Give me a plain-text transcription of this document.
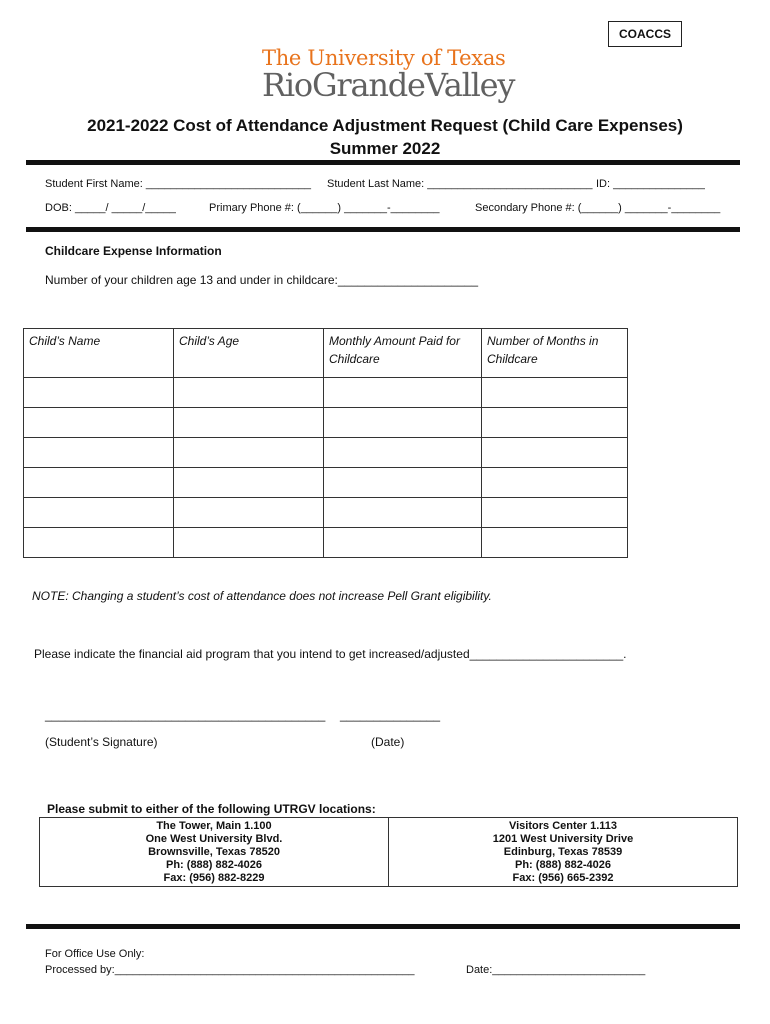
COACCS
The University of Texas
RioGrandeValley
2021-2022 Cost of Attendance Adjustment Request (Child Care Expenses)
Summer 2022
Student First Name: ___________________________ Student Last Name: ___________________________ ID: _______________
DOB: _____/ _____/_____	Primary Phone #: (______) _______-________	Secondary Phone #: (______) _______-________
Childcare Expense Information
Number of your children age 13 and under in childcare:_____________________
Child’s Name	Child’s Age	Monthly Amount Paid for Childcare	Number of Months in Childcare

NOTE: Changing a student’s cost of attendance does not increase Pell Grant eligibility.
Please indicate the financial aid program that you intend to get increased/adjusted_______________________.
__________________________________________ _______________
(Student’s Signature)	(Date)
Please submit to either of the following UTRGV locations:
The Tower, Main 1.100
One West University Blvd.
Brownsville, Texas 78520
Ph: (888) 882-4026
Fax: (956) 882-8229
Visitors Center 1.113
1201 West University Drive
Edinburg, Texas 78539
Ph: (888) 882-4026
Fax: (956) 665-2392
For Office Use Only:
Processed by:_________________________________________________	Date:_________________________
